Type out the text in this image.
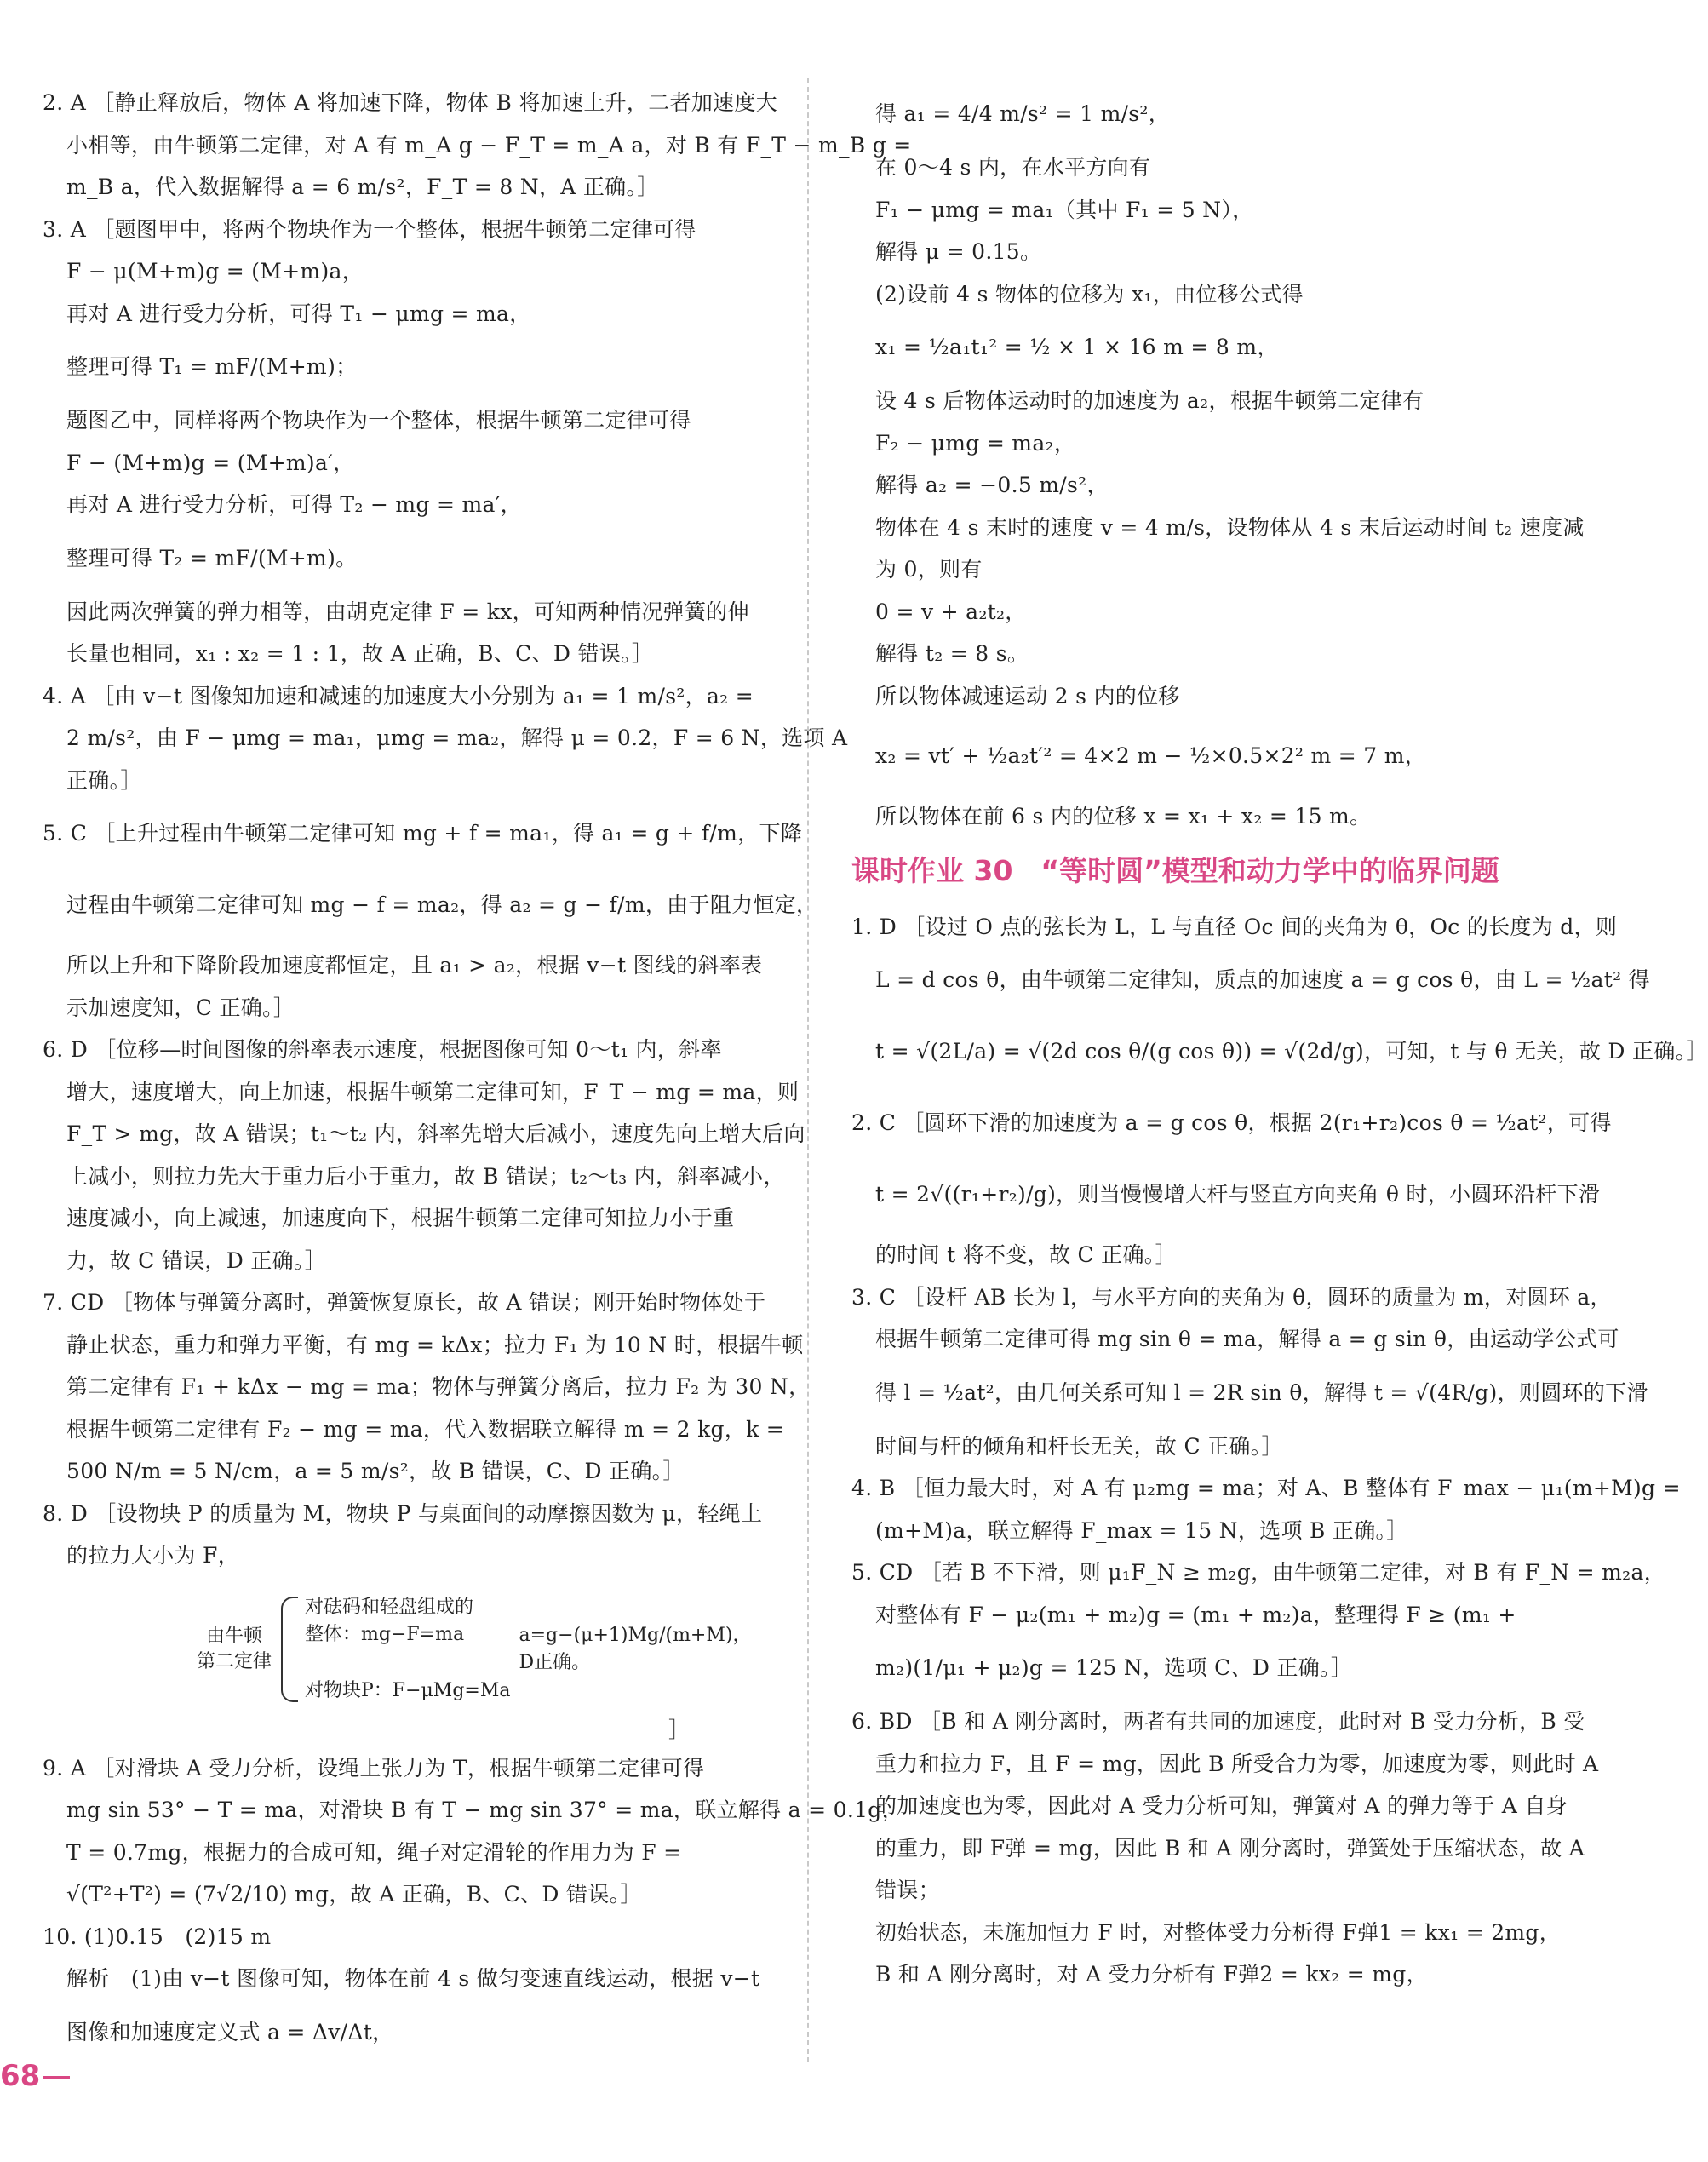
2. A ［静止释放后，物体 A 将加速下降，物体 B 将加速上升，二者加速度大

小相等，由牛顿第二定律，对 A 有 m_A g − F_T = m_A a，对 B 有 F_T − m_B g =

m_B a，代入数据解得 a = 6 m/s²，F_T = 8 N，A 正确。］

3. A ［题图甲中，将两个物块作为一个整体，根据牛顿第二定律可得

F − μ(M+m)g = (M+m)a，

再对 A 进行受力分析，可得 T₁ − μmg = ma，

整理可得 T₁ = mF/(M+m)；

题图乙中，同样将两个物块作为一个整体，根据牛顿第二定律可得

F − (M+m)g = (M+m)a′，

再对 A 进行受力分析，可得 T₂ − mg = ma′，

整理可得 T₂ = mF/(M+m)。

因此两次弹簧的弹力相等，由胡克定律 F = kx，可知两种情况弹簧的伸

长量也相同，x₁ : x₂ = 1 : 1，故 A 正确，B、C、D 错误。］

4. A ［由 v−t 图像知加速和减速的加速度大小分别为 a₁ = 1 m/s²，a₂ =

2 m/s²，由 F − μmg = ma₁，μmg = ma₂，解得 μ = 0.2，F = 6 N，选项 A

正确。］

5. C ［上升过程由牛顿第二定律可知 mg + f = ma₁，得 a₁ = g + f/m，下降

过程由牛顿第二定律可知 mg − f = ma₂，得 a₂ = g − f/m，由于阻力恒定，

所以上升和下降阶段加速度都恒定，且 a₁ > a₂，根据 v−t 图线的斜率表

示加速度知，C 正确。］

6. D ［位移—时间图像的斜率表示速度，根据图像可知 0～t₁ 内，斜率

增大，速度增大，向上加速，根据牛顿第二定律可知，F_T − mg = ma，则

F_T > mg，故 A 错误；t₁～t₂ 内，斜率先增大后减小，速度先向上增大后向

上减小，则拉力先大于重力后小于重力，故 B 错误；t₂～t₃ 内，斜率减小，

速度减小，向上减速，加速度向下，根据牛顿第二定律可知拉力小于重

力，故 C 错误，D 正确。］

7. CD ［物体与弹簧分离时，弹簧恢复原长，故 A 错误；刚开始时物体处于

静止状态，重力和弹力平衡，有 mg = kΔx；拉力 F₁ 为 10 N 时，根据牛顿

第二定律有 F₁ + kΔx − mg = ma；物体与弹簧分离后，拉力 F₂ 为 30 N，

根据牛顿第二定律有 F₂ − mg = ma，代入数据联立解得 m = 2 kg，k =

500 N/m = 5 N/cm，a = 5 m/s²，故 B 错误，C、D 正确。］

8. D ［设物块 P 的质量为 M，物块 P 与桌面间的动摩擦因数为 μ，轻绳上

的拉力大小为 F，

由牛顿
第二定律
对砝码和轻盘组成的
整体：mg−F=ma
对物块P：F−μMg=Ma
a=g−(μ+1)Mg/(m+M)，
D正确。
］

9. A ［对滑块 A 受力分析，设绳上张力为 T，根据牛顿第二定律可得

mg sin 53° − T = ma，对滑块 B 有 T − mg sin 37° = ma，联立解得 a = 0.1g，

T = 0.7mg，根据力的合成可知，绳子对定滑轮的作用力为 F =

√(T²+T²) = (7√2/10) mg，故 A 正确，B、C、D 错误。］

10. (1)0.15　(2)15 m

解析　(1)由 v−t 图像可知，物体在前 4 s 做匀变速直线运动，根据 v−t

图像和加速度定义式 a = Δv/Δt，

得 a₁ = 4/4 m/s² = 1 m/s²，

在 0～4 s 内，在水平方向有

F₁ − μmg = ma₁（其中 F₁ = 5 N），

解得 μ = 0.15。

(2)设前 4 s 物体的位移为 x₁，由位移公式得

x₁ = ½a₁t₁² = ½ × 1 × 16 m = 8 m，

设 4 s 后物体运动时的加速度为 a₂，根据牛顿第二定律有

F₂ − μmg = ma₂，

解得 a₂ = −0.5 m/s²，

物体在 4 s 末时的速度 v = 4 m/s，设物体从 4 s 末后运动时间 t₂ 速度减

为 0，则有

0 = v + a₂t₂，

解得 t₂ = 8 s。

所以物体减速运动 2 s 内的位移

x₂ = vt′ + ½a₂t′² = 4×2 m − ½×0.5×2² m = 7 m，

所以物体在前 6 s 内的位移 x = x₁ + x₂ = 15 m。

课时作业 30　“等时圆”模型和动力学中的临界问题

1. D ［设过 O 点的弦长为 L，L 与直径 Oc 间的夹角为 θ，Oc 的长度为 d，则

L = d cos θ，由牛顿第二定律知，质点的加速度 a = g cos θ，由 L = ½at² 得

t = √(2L/a) = √(2d cos θ/(g cos θ)) = √(2d/g)，可知，t 与 θ 无关，故 D 正确。］

2. C ［圆环下滑的加速度为 a = g cos θ，根据 2(r₁+r₂)cos θ = ½at²，可得

t = 2√((r₁+r₂)/g)，则当慢慢增大杆与竖直方向夹角 θ 时，小圆环沿杆下滑

的时间 t 将不变，故 C 正确。］

3. C ［设杆 AB 长为 l，与水平方向的夹角为 θ，圆环的质量为 m，对圆环 a，

根据牛顿第二定律可得 mg sin θ = ma，解得 a = g sin θ，由运动学公式可

得 l = ½at²，由几何关系可知 l = 2R sin θ，解得 t = √(4R/g)，则圆环的下滑

时间与杆的倾角和杆长无关，故 C 正确。］

4. B ［恒力最大时，对 A 有 μ₂mg = ma；对 A、B 整体有 F_max − μ₁(m+M)g =

(m+M)a，联立解得 F_max = 15 N，选项 B 正确。］

5. CD ［若 B 不下滑，则 μ₁F_N ≥ m₂g，由牛顿第二定律，对 B 有 F_N = m₂a，

对整体有 F − μ₂(m₁ + m₂)g = (m₁ + m₂)a，整理得 F ≥ (m₁ +

m₂)(1/μ₁ + μ₂)g = 125 N，选项 C、D 正确。］

6. BD ［B 和 A 刚分离时，两者有共同的加速度，此时对 B 受力分析，B 受

重力和拉力 F，且 F = mg，因此 B 所受合力为零，加速度为零，则此时 A

的加速度也为零，因此对 A 受力分析可知，弹簧对 A 的弹力等于 A 自身

的重力，即 F弹 = mg，因此 B 和 A 刚分离时，弹簧处于压缩状态，故 A

错误；

初始状态，未施加恒力 F 时，对整体受力分析得 F弹1 = kx₁ = 2mg，

B 和 A 刚分离时，对 A 受力分析有 F弹2 = kx₂ = mg，

68
